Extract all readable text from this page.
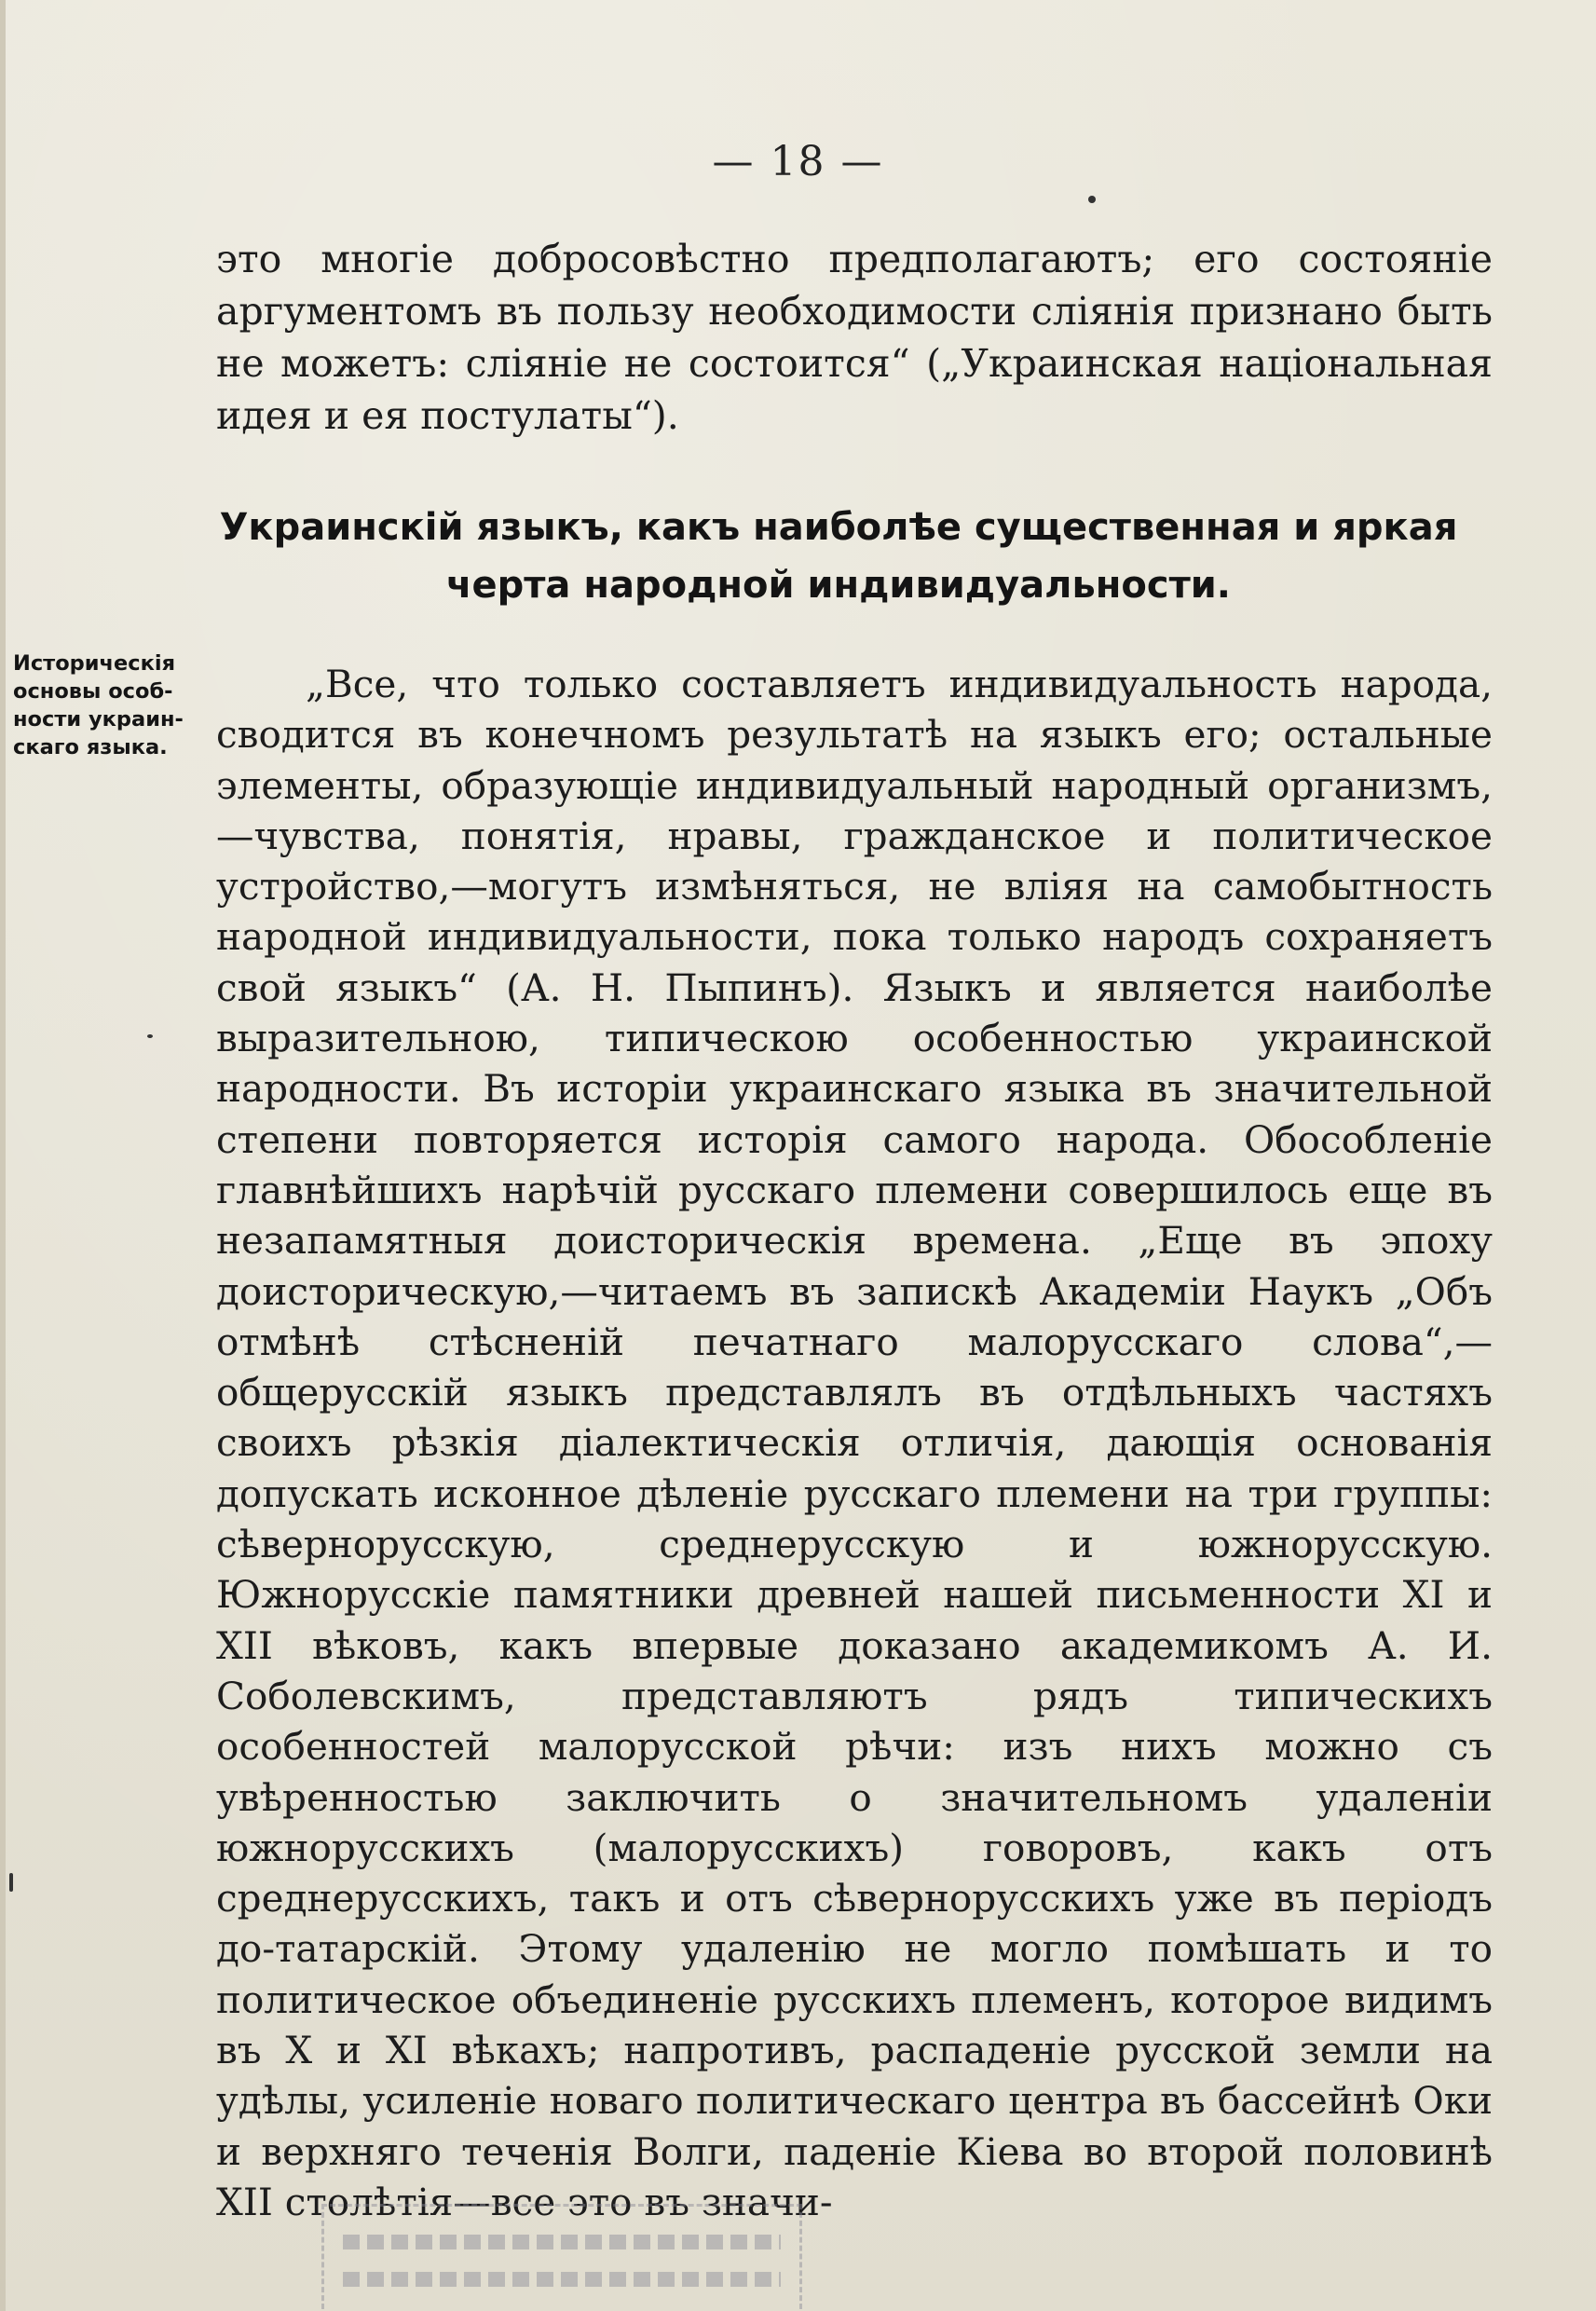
— 18 —

это многіе добросовѣстно предполагаютъ; его состояніе аргументомъ въ пользу необходимости сліянія признано быть не можетъ: сліяніе не состоится“ („Украинская національная идея и ея постулаты“).

Украинскій языкъ, какъ наиболѣе существенная и яркая
черта народной индивидуальности.
Историческія
основы особ-
ности украин-
скаго языка.

„Все, что только составляетъ индивидуальность народа, сводится въ конечномъ результатѣ на языкъ его; остальные элементы, образующіе индивидуальный народный организмъ,—чувства, понятія, нравы, гражданское и политическое устройство,—могутъ измѣняться, не вліяя на самобытность народной индивидуальности, пока только народъ сохраняетъ свой языкъ“ (А. Н. Пыпинъ). Языкъ и является наиболѣе выразительною, типическою особенностью украинской народности. Въ исторіи украинскаго языка въ значительной степени повторяется исторія самого народа. Обособленіе главнѣйшихъ нарѣчій русскаго племени совершилось еще въ незапамятныя доисторическія времена. „Еще въ эпоху доисторическую,—читаемъ въ запискѣ Академіи Наукъ „Объ отмѣнѣ стѣсненій печатнаго малорусскаго слова“,—общерусскій языкъ представлялъ въ отдѣльныхъ частяхъ своихъ рѣзкія діалектическія отличія, дающія основанія допускать исконное дѣленіе русскаго племени на три группы: сѣвернорусскую, среднерусскую и южнорусскую. Южнорусскіе памятники древней нашей письменности XI и XII вѣковъ, какъ впервые доказано академикомъ А. И. Соболевскимъ, представляютъ рядъ типическихъ особенностей малорусской рѣчи: изъ нихъ можно съ увѣренностью заключить о значительномъ удаленіи южнорусскихъ (малорусскихъ) говоровъ, какъ отъ среднерусскихъ, такъ и отъ сѣвернорусскихъ уже въ періодъ до-татарскій. Этому удаленію не могло помѣшать и то политическое объединеніе русскихъ племенъ, которое видимъ въ X и XI вѣкахъ; напротивъ, распаденіе русской земли на удѣлы, усиленіе новаго политическаго центра въ бассейнѣ Оки и верхняго теченія Волги, паденіе Кіева во второй половинѣ XII столѣтія—все это въ значи-
